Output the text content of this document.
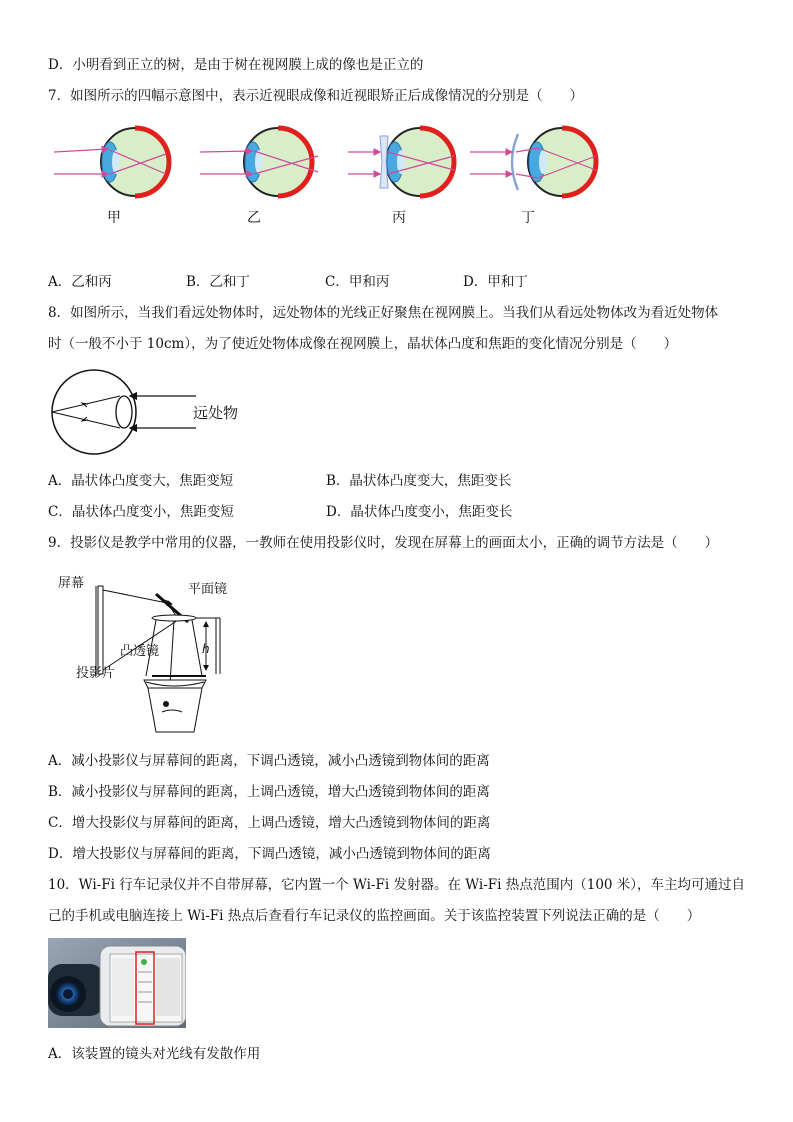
D．小明看到正立的树，是由于树在视网膜上成的像也是正立的
7．如图所示的四幅示意图中，表示近视眼成像和近视眼矫正后成像情况的分别是（　　）
甲	乙	丙	丁
A．乙和丙	B．乙和丁	C．甲和丙	D．甲和丁
8．如图所示，当我们看远处物体时，远处物体的光线正好聚焦在视网膜上。当我们从看远处物体改为看近处物体
时（一般不小于 10cm），为了使近处物体成像在视网膜上，晶状体凸度和焦距的变化情况分别是（　　）
远处物
A．晶状体凸度变大，焦距变短	B．晶状体凸度变大，焦距变长
C．晶状体凸度变小，焦距变短	D．晶状体凸度变小，焦距变长
9．投影仪是教学中常用的仪器，一教师在使用投影仪时，发现在屏幕上的画面太小，正确的调节方法是（　　）
屏幕	平面镜
凸透镜
投影片
h
A．减小投影仪与屏幕间的距离，下调凸透镜，减小凸透镜到物体间的距离
B．减小投影仪与屏幕间的距离，上调凸透镜，增大凸透镜到物体间的距离
C．增大投影仪与屏幕间的距离，上调凸透镜，增大凸透镜到物体间的距离
D．增大投影仪与屏幕间的距离，下调凸透镜，减小凸透镜到物体间的距离
10．Wi-Fi 行车记录仪并不自带屏幕，它内置一个 Wi-Fi 发射器。在 Wi-Fi 热点范围内（100 米），车主均可通过自
己的手机或电脑连接上 Wi-Fi 热点后查看行车记录仪的监控画面。关于该监控装置下列说法正确的是（　　）
A．该装置的镜头对光线有发散作用
